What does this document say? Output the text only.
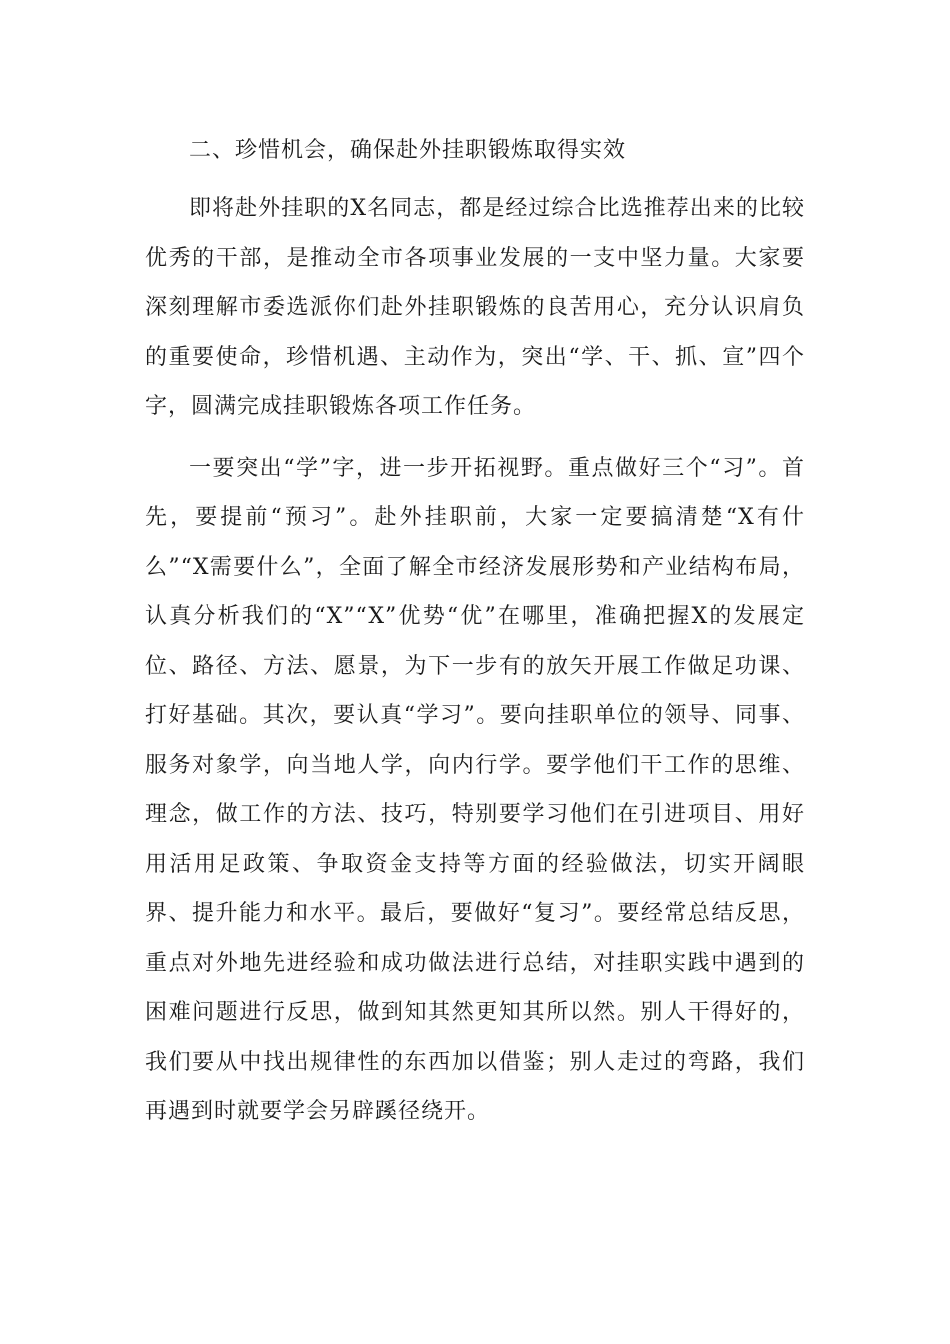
二、珍惜机会，确保赴外挂职锻炼取得实效

即将赴外挂职的X名同志，都是经过综合比选推荐出来的比较优秀的干部，是推动全市各项事业发展的一支中坚力量。大家要深刻理解市委选派你们赴外挂职锻炼的良苦用心，充分认识肩负的重要使命，珍惜机遇、主动作为，突出“学、干、抓、宣”四个字，圆满完成挂职锻炼各项工作任务。

一要突出“学”字，进一步开拓视野。重点做好三个“习”。首先，要提前“预习”。赴外挂职前，大家一定要搞清楚“X有什么”“X需要什么”，全面了解全市经济发展形势和产业结构布局，认真分析我们的“X”“X”优势“优”在哪里，准确把握X的发展定位、路径、方法、愿景，为下一步有的放矢开展工作做足功课、打好基础。其次，要认真“学习”。要向挂职单位的领导、同事、服务对象学，向当地人学，向内行学。要学他们干工作的思维、理念，做工作的方法、技巧，特别要学习他们在引进项目、用好用活用足政策、争取资金支持等方面的经验做法，切实开阔眼界、提升能力和水平。最后，要做好“复习”。要经常总结反思，重点对外地先进经验和成功做法进行总结，对挂职实践中遇到的困难问题进行反思，做到知其然更知其所以然。别人干得好的，我们要从中找出规律性的东西加以借鉴；别人走过的弯路，我们再遇到时就要学会另辟蹊径绕开。
